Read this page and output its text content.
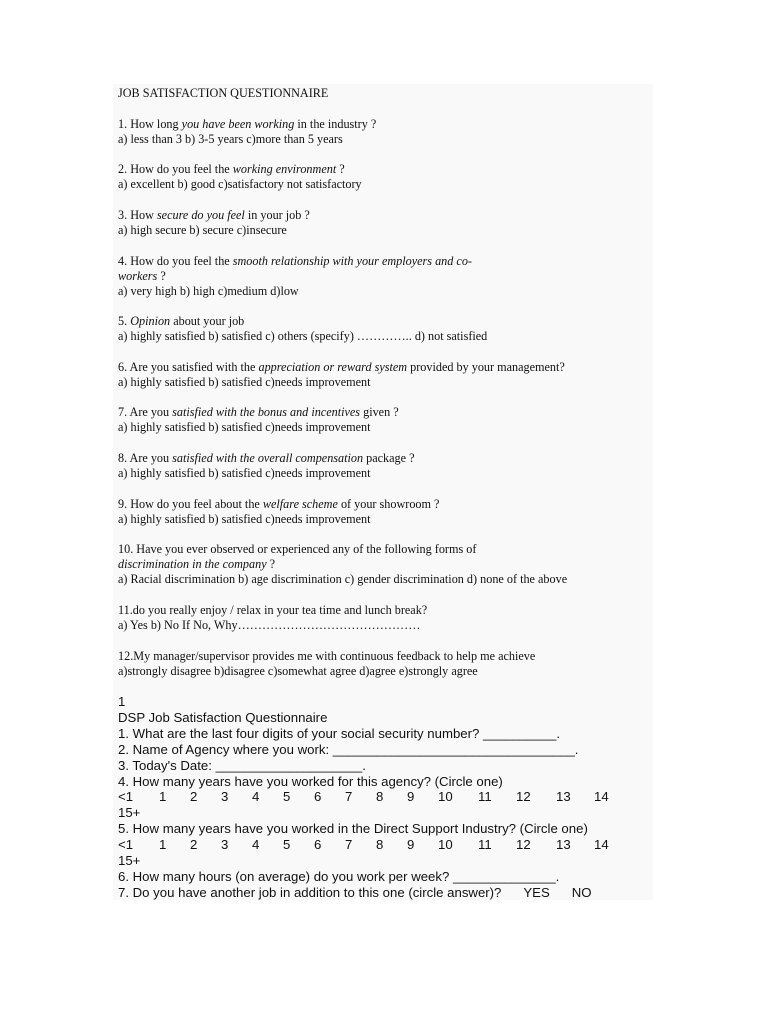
JOB SATISFACTION QUESTIONNAIRE
1. How long you have been working in the industry ?
a) less than 3 b) 3-5 years c)more than 5 years
2. How do you feel the working environment ?
a) excellent b) good c)satisfactory not satisfactory
3. How secure do you feel in your job ?
a) high secure b) secure c)insecure
4. How do you feel the smooth relationship with your employers and co-
workers ?
a) very high b) high c)medium d)low
5. Opinion about your job
a) highly satisfied b) satisfied c) others (specify) ………….. d) not satisfied
6. Are you satisfied with the appreciation or reward system provided by your management?
a) highly satisfied b) satisfied c)needs improvement
7. Are you satisfied with the bonus and incentives given ?
a) highly satisfied b) satisfied c)needs improvement
8. Are you satisfied with the overall compensation package ?
a) highly satisfied b) satisfied c)needs improvement
9. How do you feel about the welfare scheme of your showroom ?
a) highly satisfied b) satisfied c)needs improvement
10. Have you ever observed or experienced any of the following forms of
discrimination in the company ?
a) Racial discrimination b) age discrimination c) gender discrimination d) none of the above
11.do you really enjoy / relax in your tea time and lunch break?
a) Yes b) No If No, Why………………………………………
12.My manager/supervisor provides me with continuous feedback to help me achieve
a)strongly disagree b)disagree c)somewhat agree d)agree e)strongly agree
1
DSP Job Satisfaction Questionnaire
1. What are the last four digits of your social security number? __________.
2. Name of Agency where you work: _________________________________.
3. Today's Date: ____________________.
4. How many years have you worked for this agency? (Circle one)
<1	1	2	3	4	5	6	7	8	9	10	11	12	13	14
15+
5. How many years have you worked in the Direct Support Industry? (Circle one)
<1	1	2	3	4	5	6	7	8	9	10	11	12	13	14
15+
6. How many hours (on average) do you work per week? ______________.
7. Do you have another job in addition to this one (circle answer)? YES NO
